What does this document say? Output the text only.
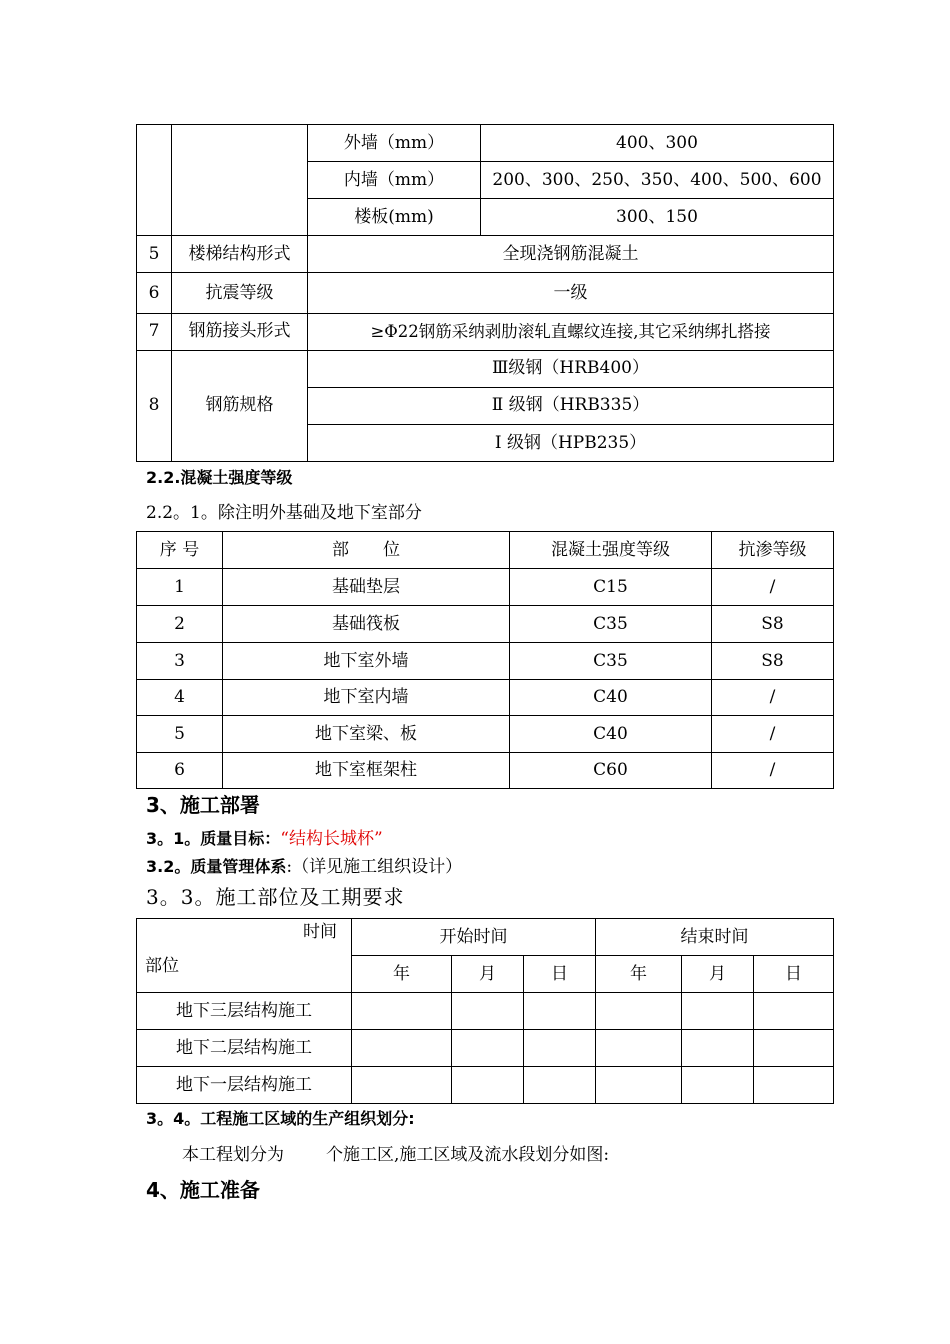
		外墙（mm）	400、300
		内墙（mm）	200、300、250、350、400、500、600
		楼板(mm)	300、150
5	楼梯结构形式	全现浇钢筋混凝土	
6	抗震等级	一级	
7	钢筋接头形式	≥Φ22钢筋采纳剥肋滚轧直螺纹连接,其它采纳绑扎搭接	
8	钢筋规格	Ⅲ级钢（HRB400）	
		Ⅱ 级钢（HRB335）	
		Ⅰ 级钢（HPB235）	
2.2.混凝土强度等级
2.2。1。除注明外基础及地下室部分
序 号	部　　位	混凝土强度等级	抗渗等级
1	基础垫层	C15	/
2	基础筏板	C35	S8
3	地下室外墙	C35	S8
4	地下室内墙	C40	/
5	地下室梁、板	C40	/
6	地下室框架柱	C60	/
3、施工部署
3。1。质量目标：“结构长城杯”
3.2。质量管理体系:（详见施工组织设计）
3。3。施工部位及工期要求
时间
部位	开始时间			结束时间		
	年	月	日	年	月	日
地下三层结构施工						
地下二层结构施工						
地下一层结构施工						
3。4。工程施工区域的生产组织划分:
本工程划分为 个施工区,施工区域及流水段划分如图:
4、施工准备
